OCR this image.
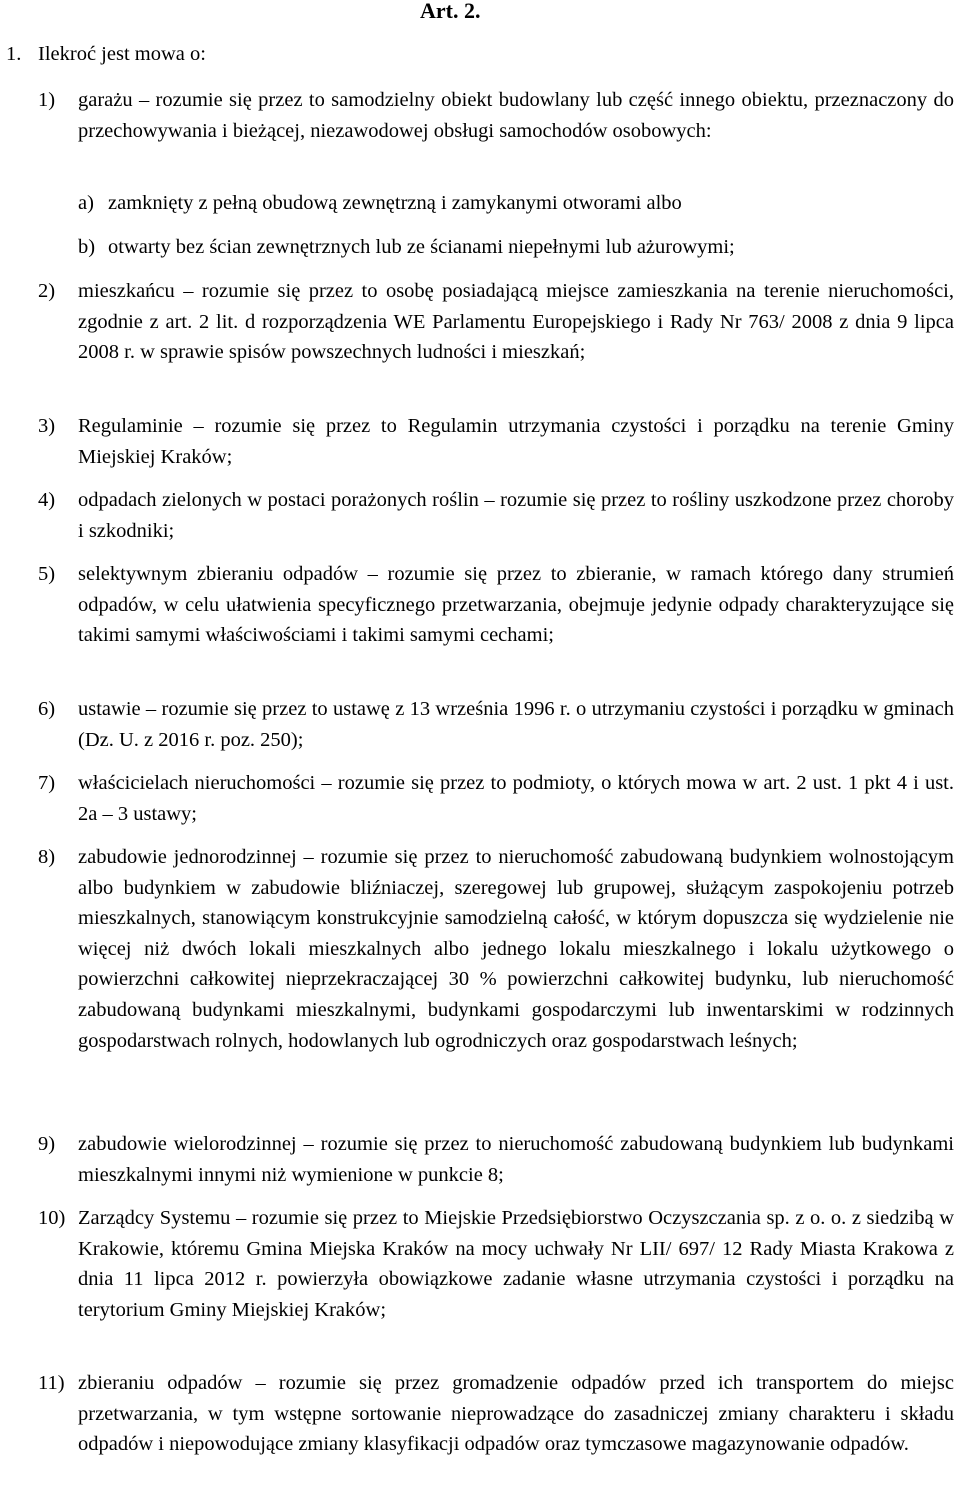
Art. 2.
1. Ilekroć jest mowa o:
1) garażu – rozumie się przez to samodzielny obiekt budowlany lub część innego obiektu, przeznaczony do przechowywania i bieżącej, niezawodowej obsługi samochodów osobowych:
a) zamknięty z pełną obudową zewnętrzną i zamykanymi otworami albo
b) otwarty bez ścian zewnętrznych lub ze ścianami niepełnymi lub ażurowymi;
2) mieszkańcu – rozumie się przez to osobę posiadającą miejsce zamieszkania na terenie nieruchomości, zgodnie z art. 2 lit. d rozporządzenia WE Parlamentu Europejskiego i Rady Nr 763/ 2008 z dnia 9 lipca 2008 r. w sprawie spisów powszechnych ludności i mieszkań;
3) Regulaminie – rozumie się przez to Regulamin utrzymania czystości i porządku na terenie Gminy Miejskiej Kraków;
4) odpadach zielonych w postaci porażonych roślin – rozumie się przez to rośliny uszkodzone przez choroby i szkodniki;
5) selektywnym zbieraniu odpadów – rozumie się przez to zbieranie, w ramach którego dany strumień odpadów, w celu ułatwienia specyficznego przetwarzania, obejmuje jedynie odpady charakteryzujące się takimi samymi właściwościami i takimi samymi cechami;
6) ustawie – rozumie się przez to ustawę z 13 września 1996 r. o utrzymaniu czystości i porządku w gminach (Dz. U. z 2016 r. poz. 250);
7) właścicielach nieruchomości – rozumie się przez to podmioty, o których mowa w art. 2 ust. 1 pkt 4 i ust. 2a – 3 ustawy;
8) zabudowie jednorodzinnej – rozumie się przez to nieruchomość zabudowaną budynkiem wolnostojącym albo budynkiem w zabudowie bliźniaczej, szeregowej lub grupowej, służącym zaspokojeniu potrzeb mieszkalnych, stanowiącym konstrukcyjnie samodzielną całość, w którym dopuszcza się wydzielenie nie więcej niż dwóch lokali mieszkalnych albo jednego lokalu mieszkalnego i lokalu użytkowego o powierzchni całkowitej nieprzekraczającej 30 % powierzchni całkowitej budynku, lub nieruchomość zabudowaną budynkami mieszkalnymi, budynkami gospodarczymi lub inwentarskimi w rodzinnych gospodarstwach rolnych, hodowlanych lub ogrodniczych oraz gospodarstwach leśnych;
9) zabudowie wielorodzinnej – rozumie się przez to nieruchomość zabudowaną budynkiem lub budynkami mieszkalnymi innymi niż wymienione w punkcie 8;
10) Zarządcy Systemu – rozumie się przez to Miejskie Przedsiębiorstwo Oczyszczania sp. z o. o. z siedzibą w Krakowie, któremu Gmina Miejska Kraków na mocy uchwały Nr LII/ 697/ 12 Rady Miasta Krakowa z dnia 11 lipca 2012 r. powierzyła obowiązkowe zadanie własne utrzymania czystości i porządku na terytorium Gminy Miejskiej Kraków;
11) zbieraniu odpadów – rozumie się przez gromadzenie odpadów przed ich transportem do miejsc przetwarzania, w tym wstępne sortowanie nieprowadzące do zasadniczej zmiany charakteru i składu odpadów i niepowodujące zmiany klasyfikacji odpadów oraz tymczasowe magazynowanie odpadów.
